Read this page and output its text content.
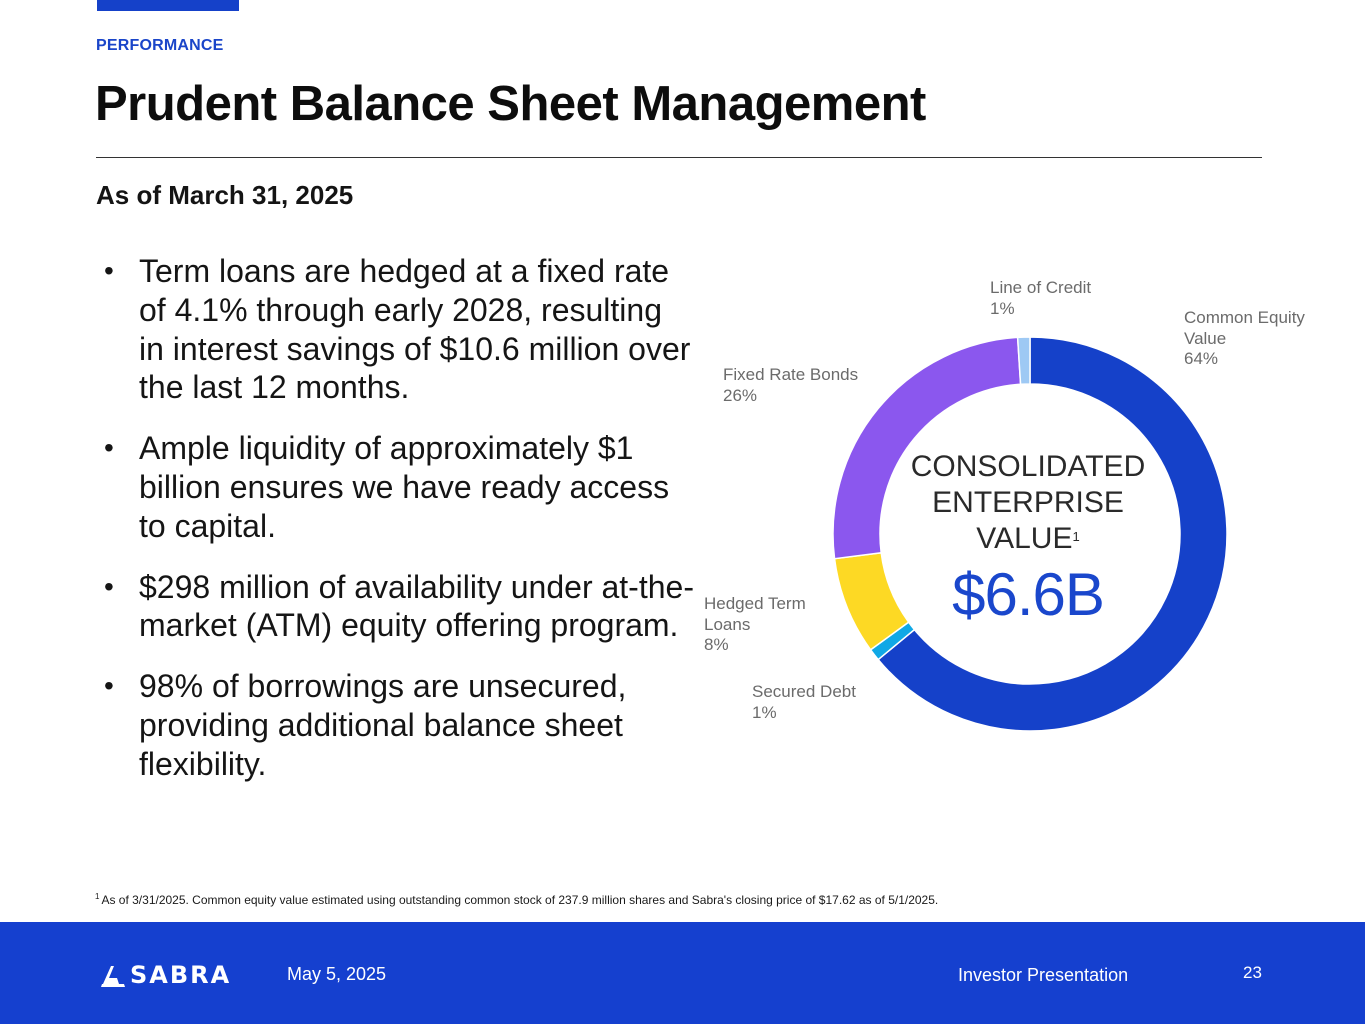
PERFORMANCE
Prudent Balance Sheet Management
As of March 31, 2025
• Term loans are hedged at a fixed rate of 4.1% through early 2028, resulting in interest savings of $10.6 million over the last 12 months.
• Ample liquidity of approximately $1 billion ensures we have ready access to capital.
• $298 million of availability under at-the-market (ATM) equity offering program.
• 98% of borrowings are unsecured, providing additional balance sheet flexibility.
Common Equity
Value
64%
Secured Debt
1%
Hedged Term
Loans
8%
Fixed Rate Bonds
26%
Line of Credit
1%
CONSOLIDATED ENTERPRISE VALUE$^1$
$6.6B
$^1$ As of 3/31/2025. Common equity value estimated using outstanding common stock of 237.9 million shares and Sabra's closing price of $17.62 as of 5/1/2025.
SABRA	May 5, 2025	Investor Presentation	23
